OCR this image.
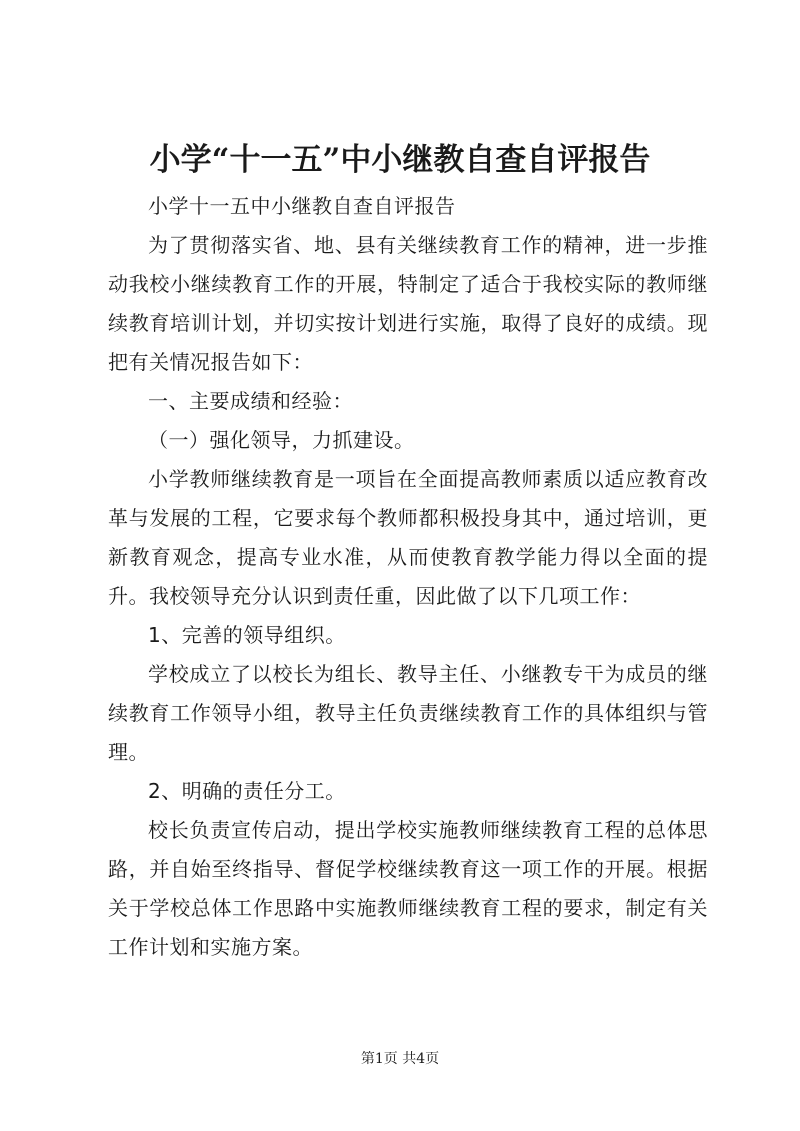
小学“十一五”中小继教自查自评报告

小学十一五中小继教自查自评报告

为了贯彻落实省、地、县有关继续教育工作的精神，进一步推动我校小继续教育工作的开展，特制定了适合于我校实际的教师继续教育培训计划，并切实按计划进行实施，取得了良好的成绩。现把有关情况报告如下：

一、主要成绩和经验：

（一）强化领导，力抓建设。

小学教师继续教育是一项旨在全面提高教师素质以适应教育改革与发展的工程，它要求每个教师都积极投身其中，通过培训，更新教育观念，提高专业水准，从而使教育教学能力得以全面的提升。我校领导充分认识到责任重，因此做了以下几项工作：

1、完善的领导组织。

学校成立了以校长为组长、教导主任、小继教专干为成员的继续教育工作领导小组，教导主任负责继续教育工作的具体组织与管理。

2、明确的责任分工。

校长负责宣传启动，提出学校实施教师继续教育工程的总体思路，并自始至终指导、督促学校继续教育这一项工作的开展。根据关于学校总体工作思路中实施教师继续教育工程的要求，制定有关工作计划和实施方案。

第1页 共4页
